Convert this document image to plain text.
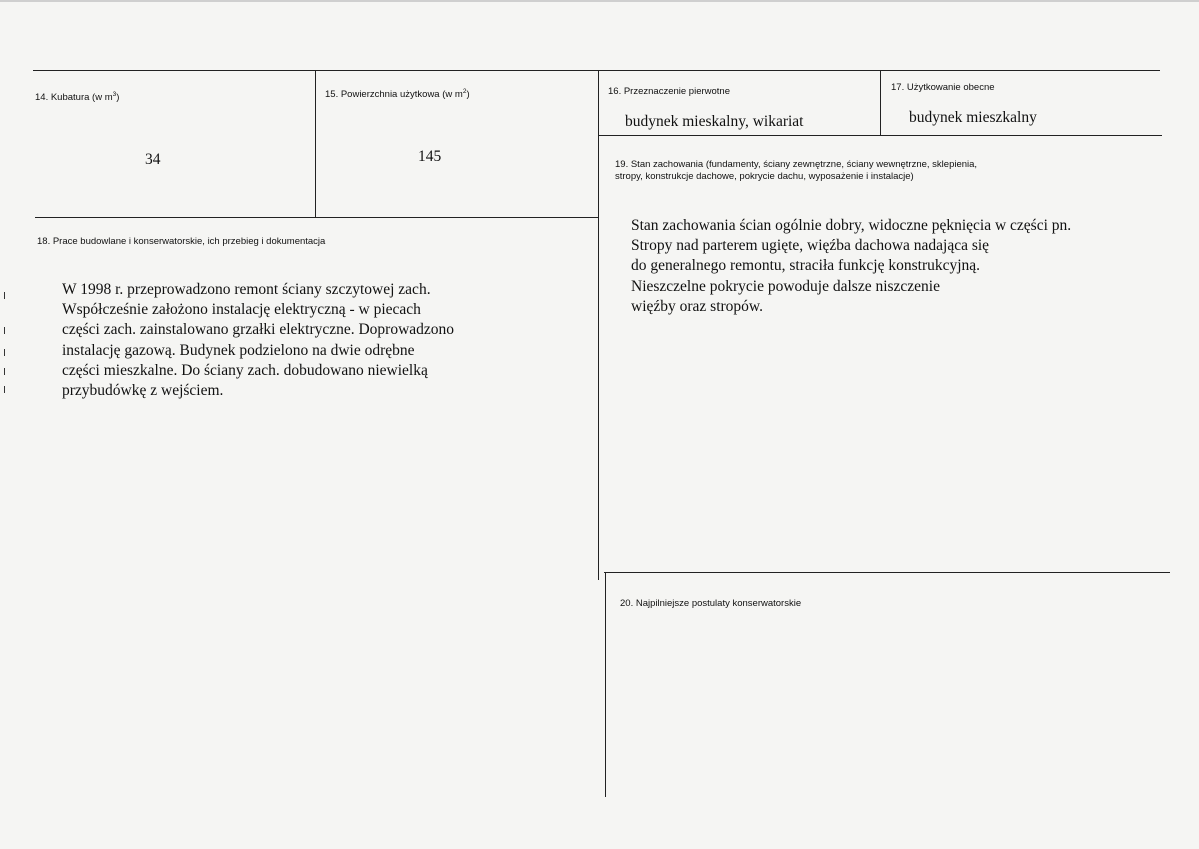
14. Kubatura (w $m^3$)
34
15. Powierzchnia użytkowa (w $m^2$)
145
16. Przeznaczenie pierwotne
budynek mieskalny, wikariat
17. Użytkowanie obecne
budynek mieszkalny
18. Prace budowlane i konserwatorskie, ich przebieg i dokumentacja
W 1998 r. przeprowadzono remont ściany szczytowej zach.
Współcześnie założono instalację elektryczną - w piecach
części zach. zainstalowano grzałki elektryczne. Doprowadzono
instalację gazową. Budynek podzielono na dwie odrębne
części mieszkalne. Do ściany zach. dobudowano niewielką
przybudówkę z wejściem.
19. Stan zachowania (fundamenty, ściany zewnętrzne, ściany wewnętrzne, sklepienia,
stropy, konstrukcje dachowe, pokrycie dachu, wyposażenie i instalacje)
Stan zachowania ścian ogólnie dobry, widoczne pęknięcia w części pn.
Stropy nad parterem ugięte, więźba dachowa nadająca się
do generalnego remontu, straciła funkcję konstrukcyjną.
Nieszczelne pokrycie powoduje dalsze niszczenie
więźby oraz stropów.
20. Najpilniejsze postulaty konserwatorskie
